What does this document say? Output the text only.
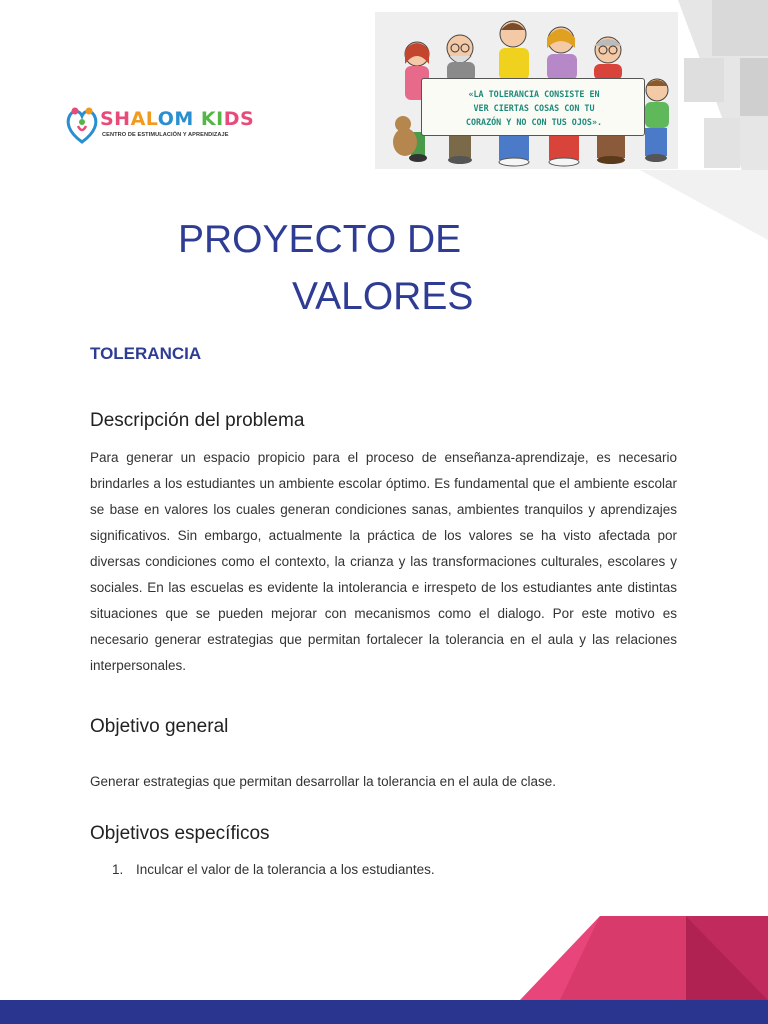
SHALOM KIDS
CENTRO DE ESTIMULACIÓN Y APRENDIZAJE
«LA TOLERANCIA CONSISTE EN
VER CIERTAS COSAS CON TU
CORAZÓN Y NO CON TUS OJOS».
PROYECTO DE
VALORES
TOLERANCIA
Descripción del problema
Para generar un espacio propicio para el proceso de enseñanza-aprendizaje, es necesario brindarles a los estudiantes un ambiente escolar óptimo. Es fundamental que el ambiente escolar se base en valores los cuales generan condiciones sanas, ambientes tranquilos y aprendizajes significativos. Sin embargo, actualmente la práctica de los valores se ha visto afectada por diversas condiciones como el contexto, la crianza y las transformaciones culturales, escolares y sociales. En las escuelas es evidente la intolerancia e irrespeto de los estudiantes ante distintas situaciones que se pueden mejorar con mecanismos como el dialogo. Por este motivo es necesario generar estrategias que permitan fortalecer la tolerancia en el aula y las relaciones interpersonales.
Objetivo general
Generar estrategias que permitan desarrollar la tolerancia en el aula de clase.
Objetivos específicos
1. Inculcar el valor de la tolerancia a los estudiantes.
